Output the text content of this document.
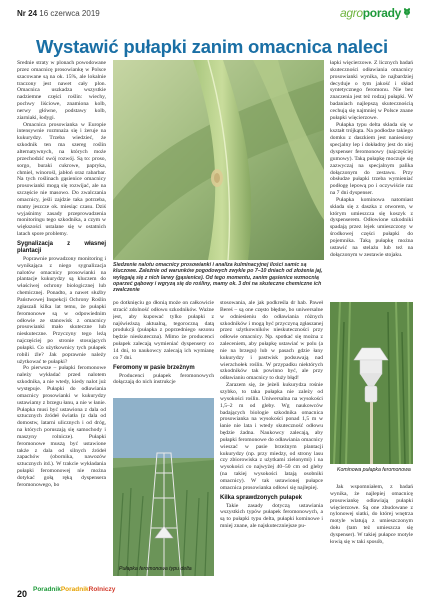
Nr 24 16 czerwca 2019	agroporady
Wystawić pułapki zanim omacnica naleci

Średnie straty w plonach powodowane przez omacnicę prosowiankę w Polsce szacowane są na ok. 15%, ale lokalnie traczony jest nawet cały plon. Omacnica uszkadza wszystkie nadziemne części roślin: wiechy, pochwy liściowe, znamiona kolb, nerwy główne, podstawy kolb, ziarniaki, łodygi.

Omacnica prosowianka w Europie intensywnie rozmnaża się i żeruje na kukurydzy. Trzeba wiedzieć, że szkodnik ten ma szereg roślin alternatywnych, na których może przechodzić swój rozwój. Są to: proso, sorgo, buraki cukrowe, papryka, chmiel, winorośl, jabłoń oraz rabarbar. Na tych roślinach gąsienice omacnicy prosowianki mogą się rozwijać, ale na szczęście nie masowo. Do zwalczania omacnicy, jeśli zajdzie taka potrzeba, mamy jeszcze ok. miesiąc czasu. Dziś wyjaśnimy zasady przeprowadzenia monitoringu tego szkodnika, a czym w większości ustalane się w ostatnich latach spore problemy.

Sygnalizacja z własnej plantacji

Poprawnie prowadzony monitoring i wynikająca z niego sygnalizacja nalotów omacnicy prosowianki na plantacje kukurydzy są kluczem do właściwej ochrony biologicznej lub chemicznej. Ponadto, a nawet służby Państwowej Inspekcji Ochrony Roślin zgłaszali kilka lat temu, że pułapki feromonowe są w odpowiednim odłowie ze stanowisk z omacnicy prosowianki mało skuteczne lub nieskuteczne. Przyczyny tego leżą najczęściej po stronie stosujących pułapki. Co użytkownicy tych pułapek robili źle? Jak poprawnie należy użytkować te pułapki?

Po pierwsze – pułapki feromonowe należy wykładać przed nalotem szkodnika, a nie wtedy, kiedy nalot już występuje. Pułapki do odławiania omacnicy prosowianki w kukurydzy ustawiamy z brzegu łanu, a nie w łanie. Pułapka musi być ustawiona z dala od sztucznych źródeł światła (z dala od domostw, latarni ulicznych i od dróg, na których poruszają się samochody i maszyny rolnicze). Pułapki feromonowe muszą być ustawione także z dala od silnych źródeł zapachów (obornika, nawozów sztucznych itd.). W trakcie wykładania pułapki feromonowej nie można dotykać gołą ręką dyspensera feromonowego, bo

Siedzenie nalotu omacnicy prosowianki i analiza kulminacyjnej ilości samic są kluczowe. Zależnie od warunków pogodowych zwykle po 7–10 dniach od złożenia jaj, wylęgają się z nich larwy (gąsienice). Od tego momentu, zanim gąsienice wzmocnią oparzeć gąbowy i wgryzą się do rośliny, mamy ok. 3 dni na skuteczne chemiczne ich zwalczenie

po dotknięciu go dłonią może on całkowicie stracić zdolność odłowu szkodników. Ważne jest, aby kupować tylko pułapki z najświeższą aktualną, tegoroczną datą produkcji (pułapka z poprzedniego sezonu będzie nieskuteczna). Mimo że producenci pułapek zalecają wymieniać dyspensery co 14 dni, to naukowcy zalecają ich wymianę co 7 dni.

Feromony w pasie brzeżnym

Producenci pułapek feromonowych dołączają do nich instrukcje

Pułapka feromonowa typu delta

stosowania, ale jak podkreśla dr hab. Paweł Bereś – są one często błędne, bo uniwersalne w odniesieniu do odławiania różnych szkodników i mogą być przyczyną zgłaszanej przez użytkowników nieskuteczności przy odłowie omacnicy. Np. spotkać się można z zaleceniem, aby pułapkę ustawiać w polu (a nie na brzegu) lub w pasach gdzie łany kukurydzy i pastwisk podsuwają nad wierzchołek roślin. W przypadku niektórych szkodników tak powinno być, ale przy odławianiu omacnicy to duży błąd!

Zarazem się, że jeżeli kukurydza rośnie szybko, to taka pułapka nie zależy od wysokości roślin. Uniwersalna na wysokości 1,5–2 m od gleby. Wg naukowców badających biologie szkodnika omacnica prosowianka na wysokości ponad 1,5 m w łanie nie lata i wtedy skuteczność odłowu będzie żadna. Naukowcy zalecają, aby pułapki feromonowe do odławiania omacnicy wieszać w pasie brzeżnym plantacji kukurydzy (np. przy miedzy, od strony lasu czy zbiorowiska z użytkami zielonymi) i na wysokości co najwyżej 40–50 cm od gleby (na takiej wysokości latają osobniki omacnicy). W tak ustawionej pułapce omacnica prosowianka odłowi się najlepiej.

Kilka sprawdzonych pułapek

Takie zasady dotyczą ustawiania wszystkich typów pułapek feromonowych, a są to pułapki typu delta, pułapki kominowe i mniej znane, ale najskuteczniejsze pu-

łapki więcierzowe. Z licznych badań skuteczności odławiania omacnicy prosowianki wynika, że najbardziej decyduje o tym jakość i skład syntetycznego feromonu. Nie bez znaczenia jest też rodzaj pułapki. W badaniach najlepszą skutecznością cechują się najmniej w Polsce znane pułapki więcierzowe.

Pułapka typu delta składa się w kształt trójkąta. Na podłodze takiego domku z daszkiem jest naniesiony specjalny lep i dokładny jest do niej dyspenser feromonowy (najczęściej gumowy). Taką pułapkę moczuje się zazwyczaj na specjalnym palika dołączonym do zestawu. Przy obsłudze pułapki trzeba wymieniać podłogę lepową po i oczywiście raz na 7 dni dyspenser.

Pułapka kominowa natomiast składa się z daszka z otworem, w którym umieszcza się koszyk z dyspenserem. Odłowione szkodniki spadają przez lejek umieszczony w środkowej części pułapki do pojemnika. Taką pułapkę można ustawić na stelażu lub też na dołączonym w zestawie stojaku.

Kominowa pułapka feromonowa

Jak wspomniałem, z badań wynika, że najlepiej omacnicę prosowiankę odławiają pułapki więcierzowe. Są one zbudowane z nylonowej siatki, do której wnętrza motyle wlatują z umieszczonym dołu (tam też umieszcza się dyspenser). W takiej pułapce motyle łowią się w taki sposób,

20 PoradnikPoradnikRolniczy
